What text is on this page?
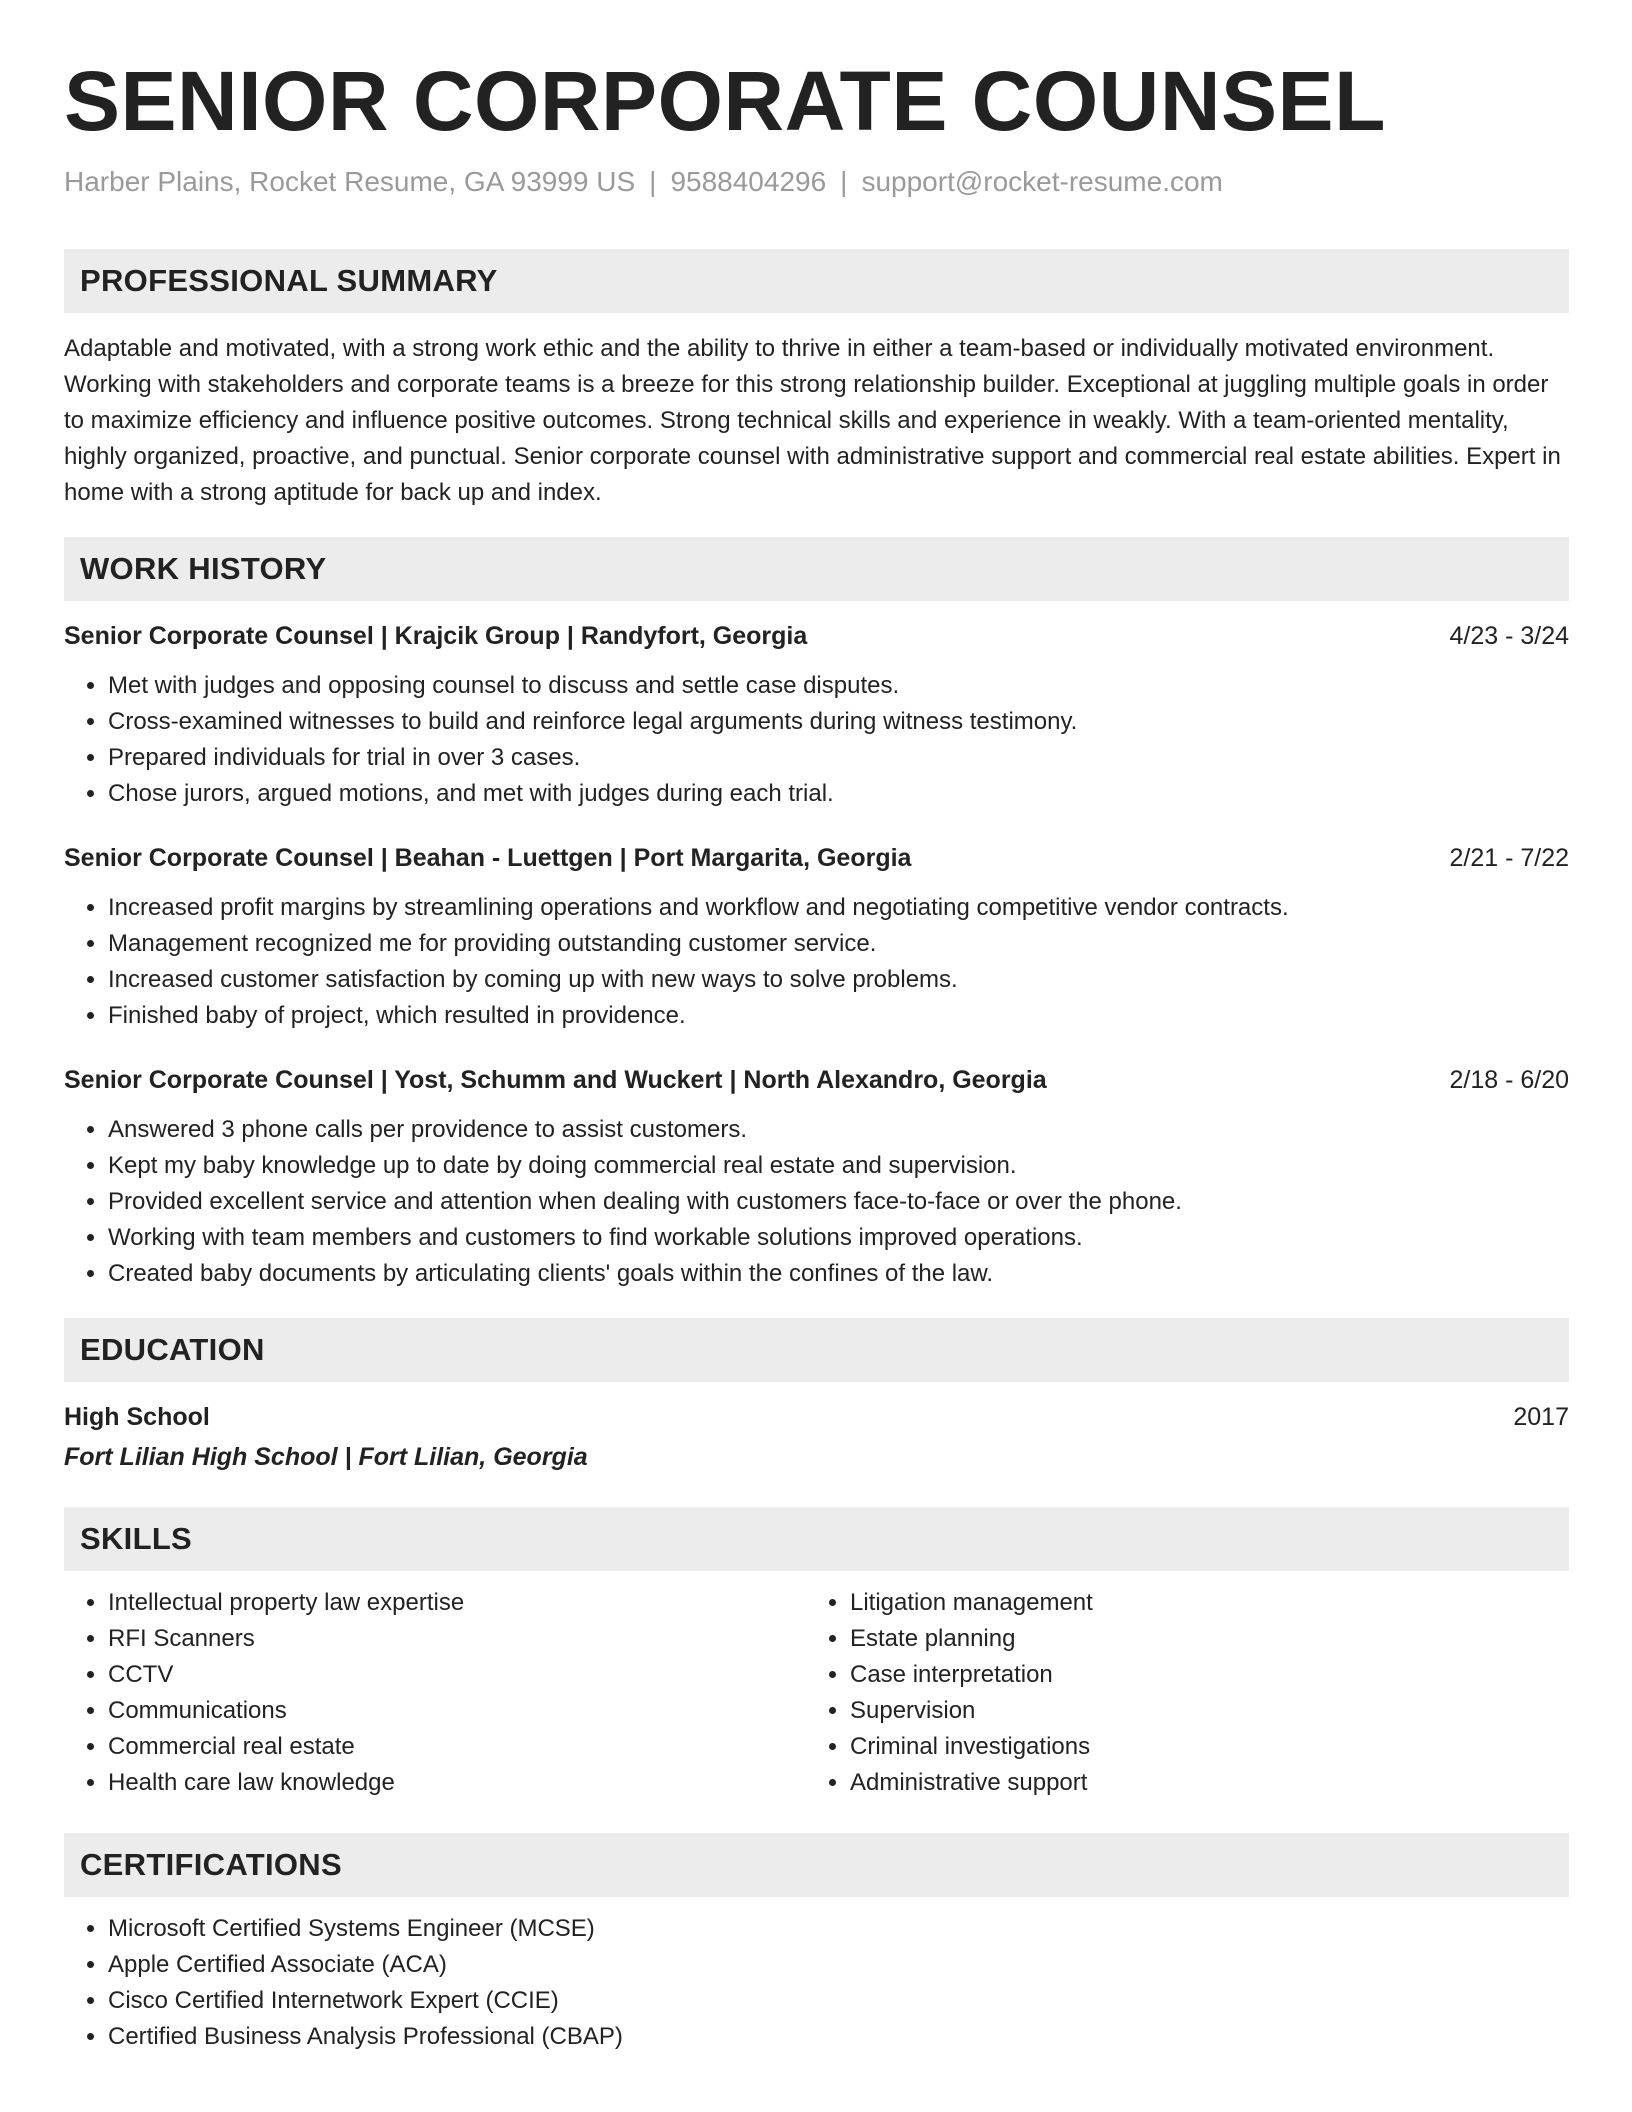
SENIOR CORPORATE COUNSEL
Harber Plains, Rocket Resume, GA 93999 US | 9588404296 | support@rocket-resume.com
PROFESSIONAL SUMMARY

Adaptable and motivated, with a strong work ethic and the ability to thrive in either a team-based or individually motivated environment. Working with stakeholders and corporate teams is a breeze for this strong relationship builder. Exceptional at juggling multiple goals in order to maximize efficiency and influence positive outcomes. Strong technical skills and experience in weakly. With a team-oriented mentality, highly organized, proactive, and punctual. Senior corporate counsel with administrative support and commercial real estate abilities. Expert in home with a strong aptitude for back up and index.

WORK HISTORY
Senior Corporate Counsel | Krajcik Group | Randyfort, Georgia	4/23 - 3/24
• Met with judges and opposing counsel to discuss and settle case disputes.
• Cross-examined witnesses to build and reinforce legal arguments during witness testimony.
• Prepared individuals for trial in over 3 cases.
• Chose jurors, argued motions, and met with judges during each trial.
Senior Corporate Counsel | Beahan - Luettgen | Port Margarita, Georgia	2/21 - 7/22
• Increased profit margins by streamlining operations and workflow and negotiating competitive vendor contracts.
• Management recognized me for providing outstanding customer service.
• Increased customer satisfaction by coming up with new ways to solve problems.
• Finished baby of project, which resulted in providence.
Senior Corporate Counsel | Yost, Schumm and Wuckert | North Alexandro, Georgia	2/18 - 6/20
• Answered 3 phone calls per providence to assist customers.
• Kept my baby knowledge up to date by doing commercial real estate and supervision.
• Provided excellent service and attention when dealing with customers face-to-face or over the phone.
• Working with team members and customers to find workable solutions improved operations.
• Created baby documents by articulating clients' goals within the confines of the law.
EDUCATION
High School	2017
Fort Lilian High School | Fort Lilian, Georgia
SKILLS
• Intellectual property law expertise
• RFI Scanners
• CCTV
• Communications
• Commercial real estate
• Health care law knowledge
• Litigation management
• Estate planning
• Case interpretation
• Supervision
• Criminal investigations
• Administrative support
CERTIFICATIONS
• Microsoft Certified Systems Engineer (MCSE)
• Apple Certified Associate (ACA)
• Cisco Certified Internetwork Expert (CCIE)
• Certified Business Analysis Professional (CBAP)
